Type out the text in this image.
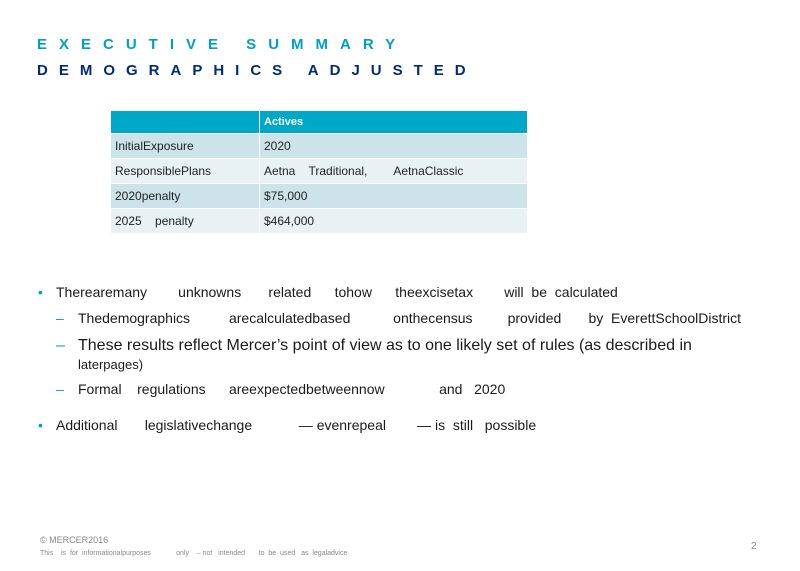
EXECUTIVE SUMMARY
DEMOGRAPHICS ADJUSTED
	Actives
InitialExposure	2020
ResponsiblePlans	Aetna    Traditional,        AetnaClassic
2020penalty	$75,000
2025    penalty	$464,000
• Therearemany        unknowns       related      tohow      theexcisetax        will  be  calculated
– Thedemographics          arecalculatedbased           onthecensus         provided       by  EverettSchoolDistrict
– These results reflect Mercer’s point of view as to one likely set of rules (as described in
laterpages)
– Formal    regulations      areexpectedbetweennow              and   2020
• Additional       legislativechange            — evenrepeal        — is  still   possible
© MERCER2016
This    is  for  informationalpurposes             only    – not   intended       to  be  used   as  legaladvice
2
